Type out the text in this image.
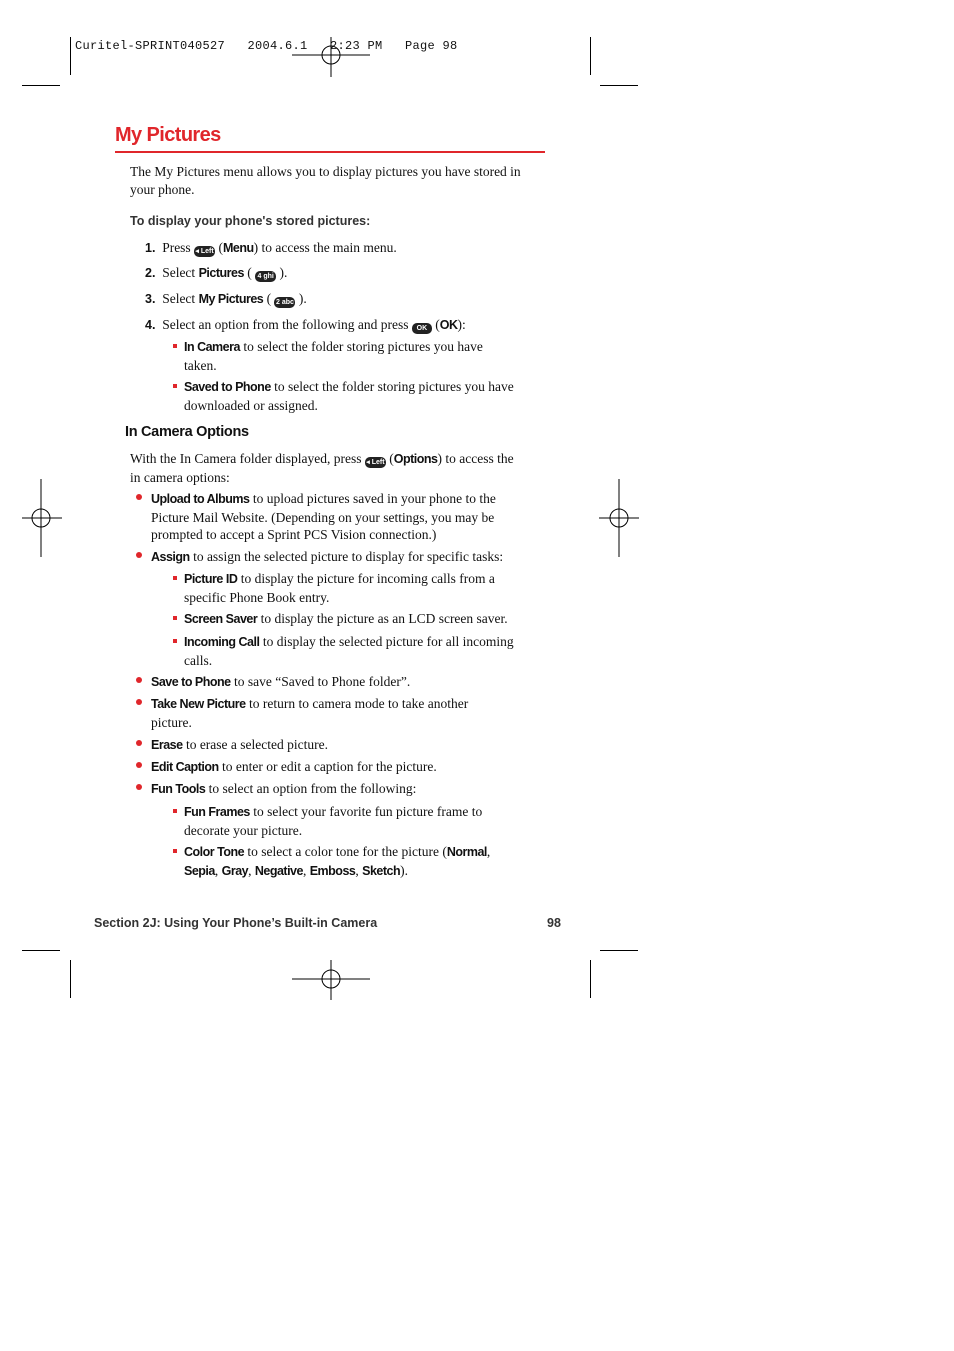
Curitel-SPRINT040527   2004.6.1   2:23 PM   Page 98
My Pictures
The My Pictures menu allows you to display pictures you have stored in your phone.
To display your phone's stored pictures:
1. Press ◂ Left (Menu) to access the main menu.
2. Select Pictures ( 4 ghi ).
3. Select My Pictures ( 2 abc ).
4. Select an option from the following and press OK (OK):
In Camera to select the folder storing pictures you have
taken.
Saved to Phone to select the folder storing pictures you have
downloaded or assigned.
In Camera Options
With the In Camera folder displayed, press ◂ Left (Options) to access the
in camera options:
Upload to Albums to upload pictures saved in your phone to the
Picture Mail Website. (Depending on your settings, you may be
prompted to accept a Sprint PCS Vision connection.)
Assign to assign the selected picture to display for specific tasks:
Picture ID to display the picture for incoming calls from a
specific Phone Book entry.
Screen Saver to display the picture as an LCD screen saver.
Incoming Call to display the selected picture for all incoming
calls.
Save to Phone to save “Saved to Phone folder”.
Take New Picture to return to camera mode to take another
picture.
Erase to erase a selected picture.
Edit Caption to enter or edit a caption for the picture.
Fun Tools to select an option from the following:
Fun Frames to select your favorite fun picture frame to
decorate your picture.
Color Tone to select a color tone for the picture (Normal,
Sepia, Gray, Negative, Emboss, Sketch).
Section 2J: Using Your Phone’s Built-in Camera	98
